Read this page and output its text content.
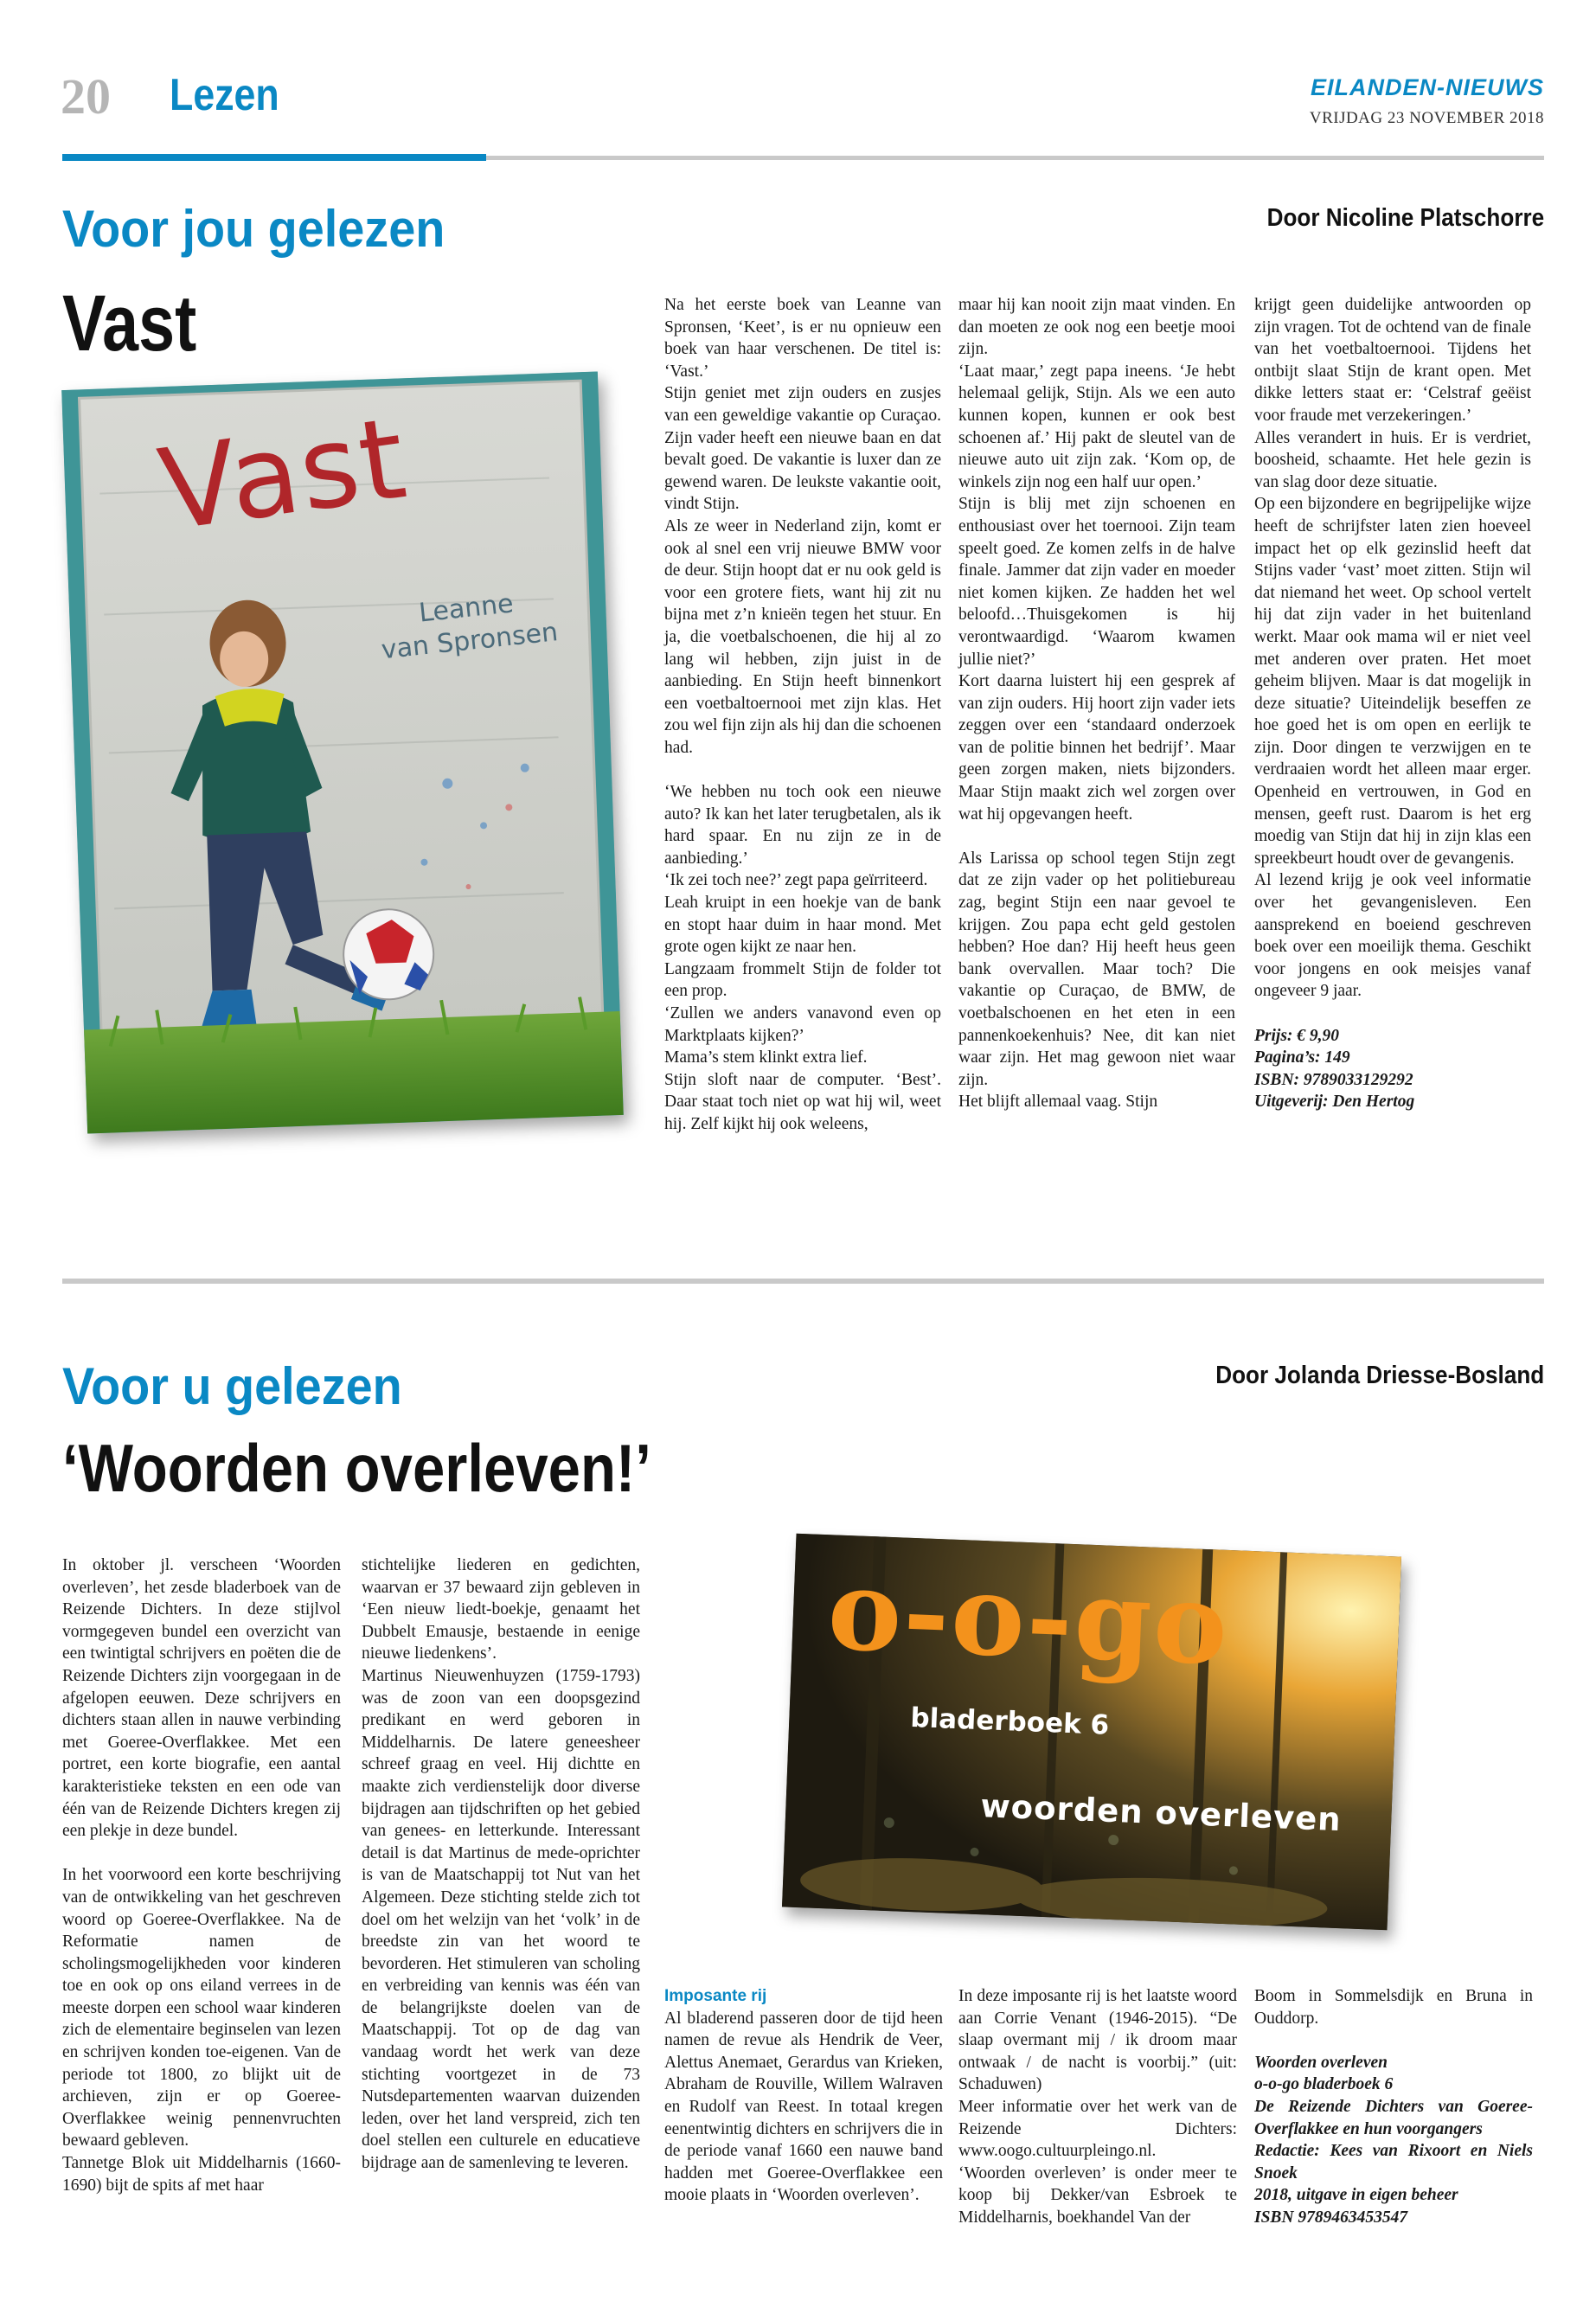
20 Lezen	EILANDEN-NIEUWS
VRIJDAG 23 NOVEMBER 2018
Voor jou gelezen	Door Nicoline Platschorre
Vast
Vast
Leanne
van Spronsen

Na het eerste boek van Leanne van Spronsen, ‘Keet’, is er nu opnieuw een boek van haar verschenen. De titel is: ‘Vast.’

Stijn geniet met zijn ouders en zusjes van een geweldige vakantie op Curaçao. Zijn vader heeft een nieuwe baan en dat bevalt goed. De vakantie is luxer dan ze gewend waren. De leukste vakantie ooit, vindt Stijn.

Als ze weer in Nederland zijn, komt er ook al snel een vrij nieuwe BMW voor de deur. Stijn hoopt dat er nu ook geld is voor een grotere fiets, want hij zit nu bijna met z’n knieën tegen het stuur. En ja, die voetbalschoenen, die hij al zo lang wil hebben, zijn juist in de aanbieding. En Stijn heeft binnenkort een voetbaltoernooi met zijn klas. Het zou wel fijn zijn als hij dan die schoenen had.

‘We hebben nu toch ook een nieuwe auto? Ik kan het later terugbetalen, als ik hard spaar. En nu zijn ze in de aanbieding.’

‘Ik zei toch nee?’ zegt papa geïrriteerd.

Leah kruipt in een hoekje van de bank en stopt haar duim in haar mond. Met grote ogen kijkt ze naar hen.

Langzaam frommelt Stijn de folder tot een prop.

‘Zullen we anders vanavond even op Marktplaats kijken?’

Mama’s stem klinkt extra lief.

Stijn sloft naar de computer. ‘Best’. Daar staat toch niet op wat hij wil, weet hij. Zelf kijkt hij ook weleens,

maar hij kan nooit zijn maat vinden. En dan moeten ze ook nog een beetje mooi zijn.

‘Laat maar,’ zegt papa ineens. ‘Je hebt helemaal gelijk, Stijn. Als we een auto kunnen kopen, kunnen er ook best schoenen af.’ Hij pakt de sleutel van de nieuwe auto uit zijn zak. ‘Kom op, de winkels zijn nog een half uur open.’

Stijn is blij met zijn schoenen en enthousiast over het toernooi. Zijn team speelt goed. Ze komen zelfs in de halve finale. Jammer dat zijn vader en moeder niet komen kijken. Ze hadden het wel beloofd…Thuisgekomen is hij verontwaardigd. ‘Waarom kwamen jullie niet?’

Kort daarna luistert hij een gesprek af van zijn ouders. Hij hoort zijn vader iets zeggen over een ‘standaard onderzoek van de politie binnen het bedrijf’. Maar geen zorgen maken, niets bijzonders. Maar Stijn maakt zich wel zorgen over wat hij opgevangen heeft.

Als Larissa op school tegen Stijn zegt dat ze zijn vader op het politiebureau zag, begint Stijn een naar gevoel te krijgen. Zou papa echt geld gestolen hebben? Hoe dan? Hij heeft heus geen bank overvallen. Maar toch? Die vakantie op Curaçao, de BMW, de voetbalschoenen en het eten in een pannenkoekenhuis? Nee, dit kan niet waar zijn. Het mag gewoon niet waar zijn.

Het blijft allemaal vaag. Stijn

krijgt geen duidelijke antwoorden op zijn vragen. Tot de ochtend van de finale van het voetbaltoernooi. Tijdens het ontbijt slaat Stijn de krant open. Met dikke letters staat er: ‘Celstraf geëist voor fraude met verzekeringen.’

Alles verandert in huis. Er is verdriet, boosheid, schaamte. Het hele gezin is van slag door deze situatie.

Op een bijzondere en begrijpelijke wijze heeft de schrijfster laten zien hoeveel impact het op elk gezinslid heeft dat Stijns vader ‘vast’ moet zitten. Stijn wil dat niemand het weet. Op school vertelt hij dat zijn vader in het buitenland werkt. Maar ook mama wil er niet veel met anderen over praten. Het moet geheim blijven. Maar is dat mogelijk in deze situatie? Uiteindelijk beseffen ze hoe goed het is om open en eerlijk te zijn. Door dingen te verzwijgen en te verdraaien wordt het alleen maar erger. Openheid en vertrouwen, in God en mensen, geeft rust. Daarom is het erg moedig van Stijn dat hij in zijn klas een spreekbeurt houdt over de gevangenis.

Al lezend krijg je ook veel informatie over het gevangenisleven. Een aansprekend en boeiend geschreven boek over een moeilijk thema. Geschikt voor jongens en ook meisjes vanaf ongeveer 9 jaar.

Prijs: € 9,90

Pagina’s: 149

ISBN: 9789033129292

Uitgeverij: Den Hertog

Voor u gelezen	Door Jolanda Driesse-Bosland
‘Woorden overleven!’
o-o-go
bladerboek 6
woorden overleven

In oktober jl. verscheen ‘Woorden overleven’, het zesde bladerboek van de Reizende Dichters. In deze stijlvol vormgegeven bundel een overzicht van een twintigtal schrijvers en poëten die de Reizende Dichters zijn voorgegaan in de afgelopen eeuwen. Deze schrijvers en dichters staan allen in nauwe verbinding met Goeree-Overflakkee. Met een portret, een korte biografie, een aantal karakteristieke teksten en een ode van één van de Reizende Dichters kregen zij een plekje in deze bundel.

In het voorwoord een korte beschrijving van de ontwikkeling van het geschreven woord op Goeree-Overflakkee. Na de Reformatie namen de scholingsmogelijkheden voor kinderen toe en ook op ons eiland verrees in de meeste dorpen een school waar kinderen zich de elementaire beginselen van lezen en schrijven konden toe-eigenen. Van de periode tot 1800, zo blijkt uit de archieven, zijn er op Goeree-Overflakkee weinig pennenvruchten bewaard gebleven.

Tannetge Blok uit Middelharnis (1660-1690) bijt de spits af met haar

stichtelijke liederen en gedichten, waarvan er 37 bewaard zijn gebleven in ‘Een nieuw liedt-boekje, genaamt het Dubbelt Emausje, bestaende in eenige nieuwe liedenkens’.

Martinus Nieuwenhuyzen (1759-1793) was de zoon van een doopsgezind predikant en werd geboren in Middelharnis. De latere geneesheer schreef graag en veel. Hij dichtte en maakte zich verdienstelijk door diverse bijdragen aan tijdschriften op het gebied van genees- en letterkunde. Interessant detail is dat Martinus de mede-oprichter is van de Maatschappij tot Nut van het Algemeen. Deze stichting stelde zich tot doel om het welzijn van het ‘volk’ in de breedste zin van het woord te bevorderen. Het stimuleren van scholing en verbreiding van kennis was één van de belangrijkste doelen van de Maatschappij. Tot op de dag van vandaag wordt het werk van deze stichting voortgezet in de 73 Nutsdepartementen waarvan duizenden leden, over het land verspreid, zich ten doel stellen een culturele en educatieve bijdrage aan de samenleving te leveren.

Imposante rij

Al bladerend passeren door de tijd heen namen de revue als Hendrik de Veer, Alettus Anemaet, Gerardus van Krieken, Abraham de Rouville, Willem Walraven en Rudolf van Reest. In totaal kregen eenentwintig dichters en schrijvers die in de periode vanaf 1660 een nauwe band hadden met Goeree-Overflakkee een mooie plaats in ‘Woorden overleven’.

In deze imposante rij is het laatste woord aan Corrie Venant (1946-2015). “De slaap overmant mij / ik droom maar ontwaak / de nacht is voorbij.” (uit: Schaduwen)

Meer informatie over het werk van de Reizende Dichters: www.oogo.cultuurpleingo.nl.

‘Woorden overleven’ is onder meer te koop bij Dekker/van Esbroek te Middelharnis, boekhandel Van der

Boom in Sommelsdijk en Bruna in Ouddorp.

Woorden overleven

o-o-go bladerboek 6

De Reizende Dichters van Goeree-Overflakkee en hun voorgangers

Redactie: Kees van Rixoort en Niels Snoek

2018, uitgave in eigen beheer

ISBN 9789463453547
